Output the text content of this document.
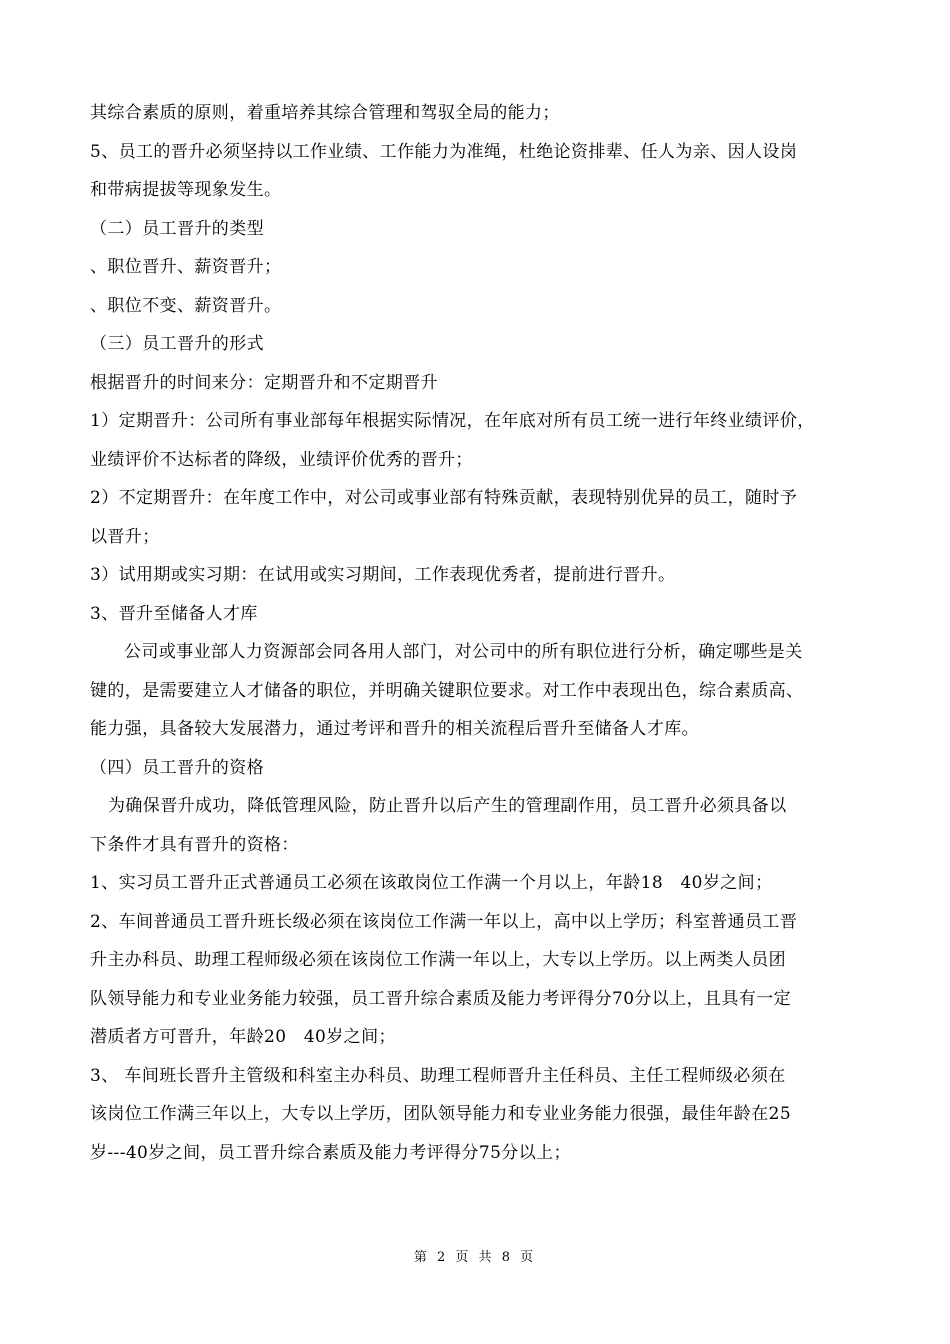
其综合素质的原则，着重培养其综合管理和驾驭全局的能力；

5、员工的晋升必须坚持以工作业绩、工作能力为准绳，杜绝论资排辈、任人为亲、因人设岗

和带病提拔等现象发生。

（二）员工晋升的类型

、职位晋升、薪资晋升；

、职位不变、薪资晋升。

（三）员工晋升的形式

根据晋升的时间来分：定期晋升和不定期晋升

1）定期晋升：公司所有事业部每年根据实际情况，在年底对所有员工统一进行年终业绩评价，

业绩评价不达标者的降级，业绩评价优秀的晋升；

2）不定期晋升：在年度工作中，对公司或事业部有特殊贡献，表现特别优异的员工，随时予

以晋升；

3）试用期或实习期：在试用或实习期间，工作表现优秀者，提前进行晋升。

3、晋升至储备人才库

公司或事业部人力资源部会同各用人部门，对公司中的所有职位进行分析，确定哪些是关

键的，是需要建立人才储备的职位，并明确关键职位要求。对工作中表现出色，综合素质高、

能力强，具备较大发展潜力，通过考评和晋升的相关流程后晋升至储备人才库。

（四）员工晋升的资格

为确保晋升成功，降低管理风险，防止晋升以后产生的管理副作用，员工晋升必须具备以

下条件才具有晋升的资格：

1、实习员工晋升正式普通员工必须在该敢岗位工作满一个月以上，年龄18　40岁之间；

2、车间普通员工晋升班长级必须在该岗位工作满一年以上，高中以上学历；科室普通员工晋

升主办科员、助理工程师级必须在该岗位工作满一年以上，大专以上学历。以上两类人员团

队领导能力和专业业务能力较强，员工晋升综合素质及能力考评得分70分以上，且具有一定

潜质者方可晋升，年龄20　40岁之间；

3、 车间班长晋升主管级和科室主办科员、助理工程师晋升主任科员、主任工程师级必须在

该岗位工作满三年以上，大专以上学历，团队领导能力和专业业务能力很强，最佳年龄在25

岁---40岁之间，员工晋升综合素质及能力考评得分75分以上；

第 2 页 共 8 页
